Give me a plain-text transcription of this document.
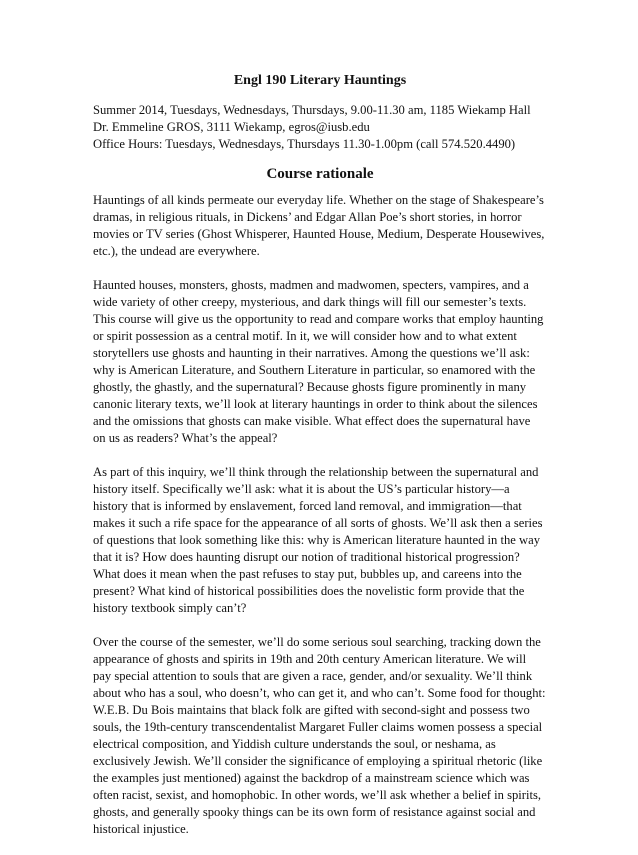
Engl 190 Literary Hauntings
Summer 2014, Tuesdays, Wednesdays, Thursdays, 9.00-11.30 am, 1185 Wiekamp Hall
Dr. Emmeline GROS, 3111 Wiekamp, egros@iusb.edu
Office Hours: Tuesdays, Wednesdays, Thursdays 11.30-1.00pm (call 574.520.4490)
Course rationale

Hauntings of all kinds permeate our everyday life. Whether on the stage of Shakespeare’s
dramas, in religious rituals, in Dickens’ and Edgar Allan Poe’s short stories, in horror
movies or TV series (Ghost Whisperer, Haunted House, Medium, Desperate Housewives,
etc.), the undead are everywhere.

Haunted houses, monsters, ghosts, madmen and madwomen, specters, vampires, and a
wide variety of other creepy, mysterious, and dark things will fill our semester’s texts.
This course will give us the opportunity to read and compare works that employ haunting
or spirit possession as a central motif. In it, we will consider how and to what extent
storytellers use ghosts and haunting in their narratives. Among the questions we’ll ask:
why is American Literature, and Southern Literature in particular, so enamored with the
ghostly, the ghastly, and the supernatural? Because ghosts figure prominently in many
canonic literary texts, we’ll look at literary hauntings in order to think about the silences
and the omissions that ghosts can make visible. What effect does the supernatural have
on us as readers? What’s the appeal?

As part of this inquiry, we’ll think through the relationship between the supernatural and
history itself. Specifically we’ll ask: what it is about the US’s particular history—a
history that is informed by enslavement, forced land removal, and immigration—that
makes it such a rife space for the appearance of all sorts of ghosts. We’ll ask then a series
of questions that look something like this: why is American literature haunted in the way
that it is? How does haunting disrupt our notion of traditional historical progression?
What does it mean when the past refuses to stay put, bubbles up, and careens into the
present? What kind of historical possibilities does the novelistic form provide that the
history textbook simply can’t?

Over the course of the semester, we’ll do some serious soul searching, tracking down the
appearance of ghosts and spirits in 19th and 20th century American literature. We will
pay special attention to souls that are given a race, gender, and/or sexuality. We’ll think
about who has a soul, who doesn’t, who can get it, and who can’t. Some food for thought:
W.E.B. Du Bois maintains that black folk are gifted with second-sight and possess two
souls, the 19th-century transcendentalist Margaret Fuller claims women possess a special
electrical composition, and Yiddish culture understands the soul, or neshama, as
exclusively Jewish. We’ll consider the significance of employing a spiritual rhetoric (like
the examples just mentioned) against the backdrop of a mainstream science which was
often racist, sexist, and homophobic. In other words, we’ll ask whether a belief in spirits,
ghosts, and generally spooky things can be its own form of resistance against social and
historical injustice.
